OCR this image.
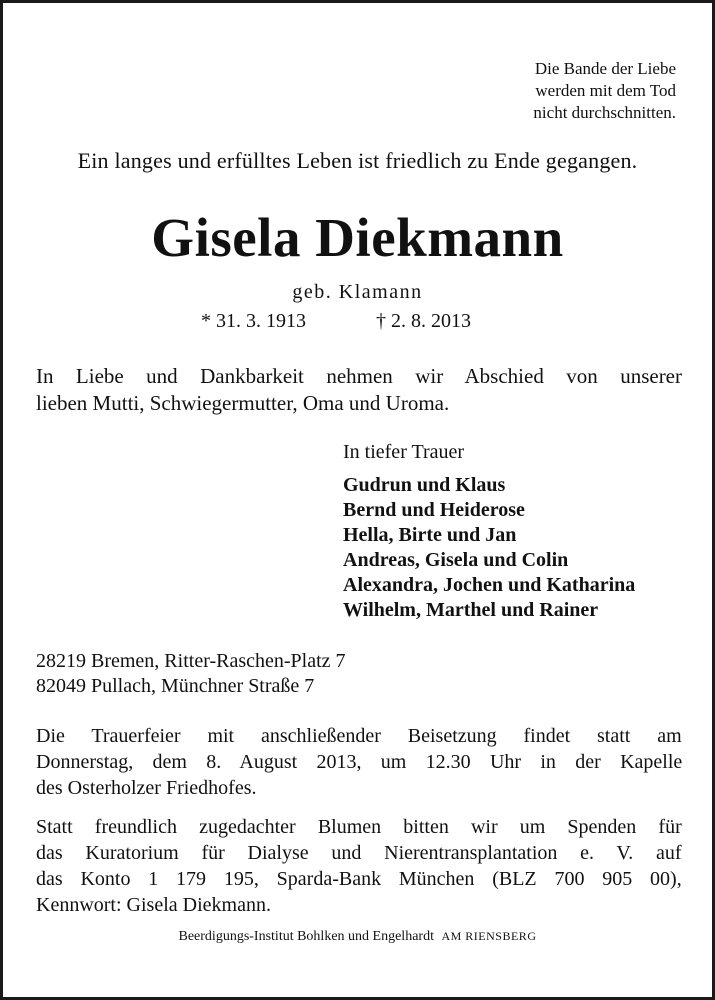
Die Bande der Liebe
werden mit dem Tod
nicht durchschnitten.
Ein langes und erfülltes Leben ist friedlich zu Ende gegangen.
Gisela Diekmann
geb. Klamann
* 31. 3. 1913	† 2. 8. 2013
In Liebe und Dankbarkeit nehmen wir Abschied von unserer
lieben Mutti, Schwiegermutter, Oma und Uroma.
In tiefer Trauer
Gudrun und Klaus
Bernd und Heiderose
Hella, Birte und Jan
Andreas, Gisela und Colin
Alexandra, Jochen und Katharina
Wilhelm, Marthel und Rainer
28219 Bremen, Ritter-Raschen-Platz 7
82049 Pullach, Münchner Straße 7
Die Trauerfeier mit anschließender Beisetzung findet statt am
Donnerstag, dem 8. August 2013, um 12.30 Uhr in der Kapelle
des Osterholzer Friedhofes.
Statt freundlich zugedachter Blumen bitten wir um Spenden für
das Kuratorium für Dialyse und Nierentransplantation e. V. auf
das Konto 1 179 195, Sparda-Bank München (BLZ 700 905 00),
Kennwort: Gisela Diekmann.
Beerdigungs-Institut Bohlken und Engelhardt AM RIENSBERG
